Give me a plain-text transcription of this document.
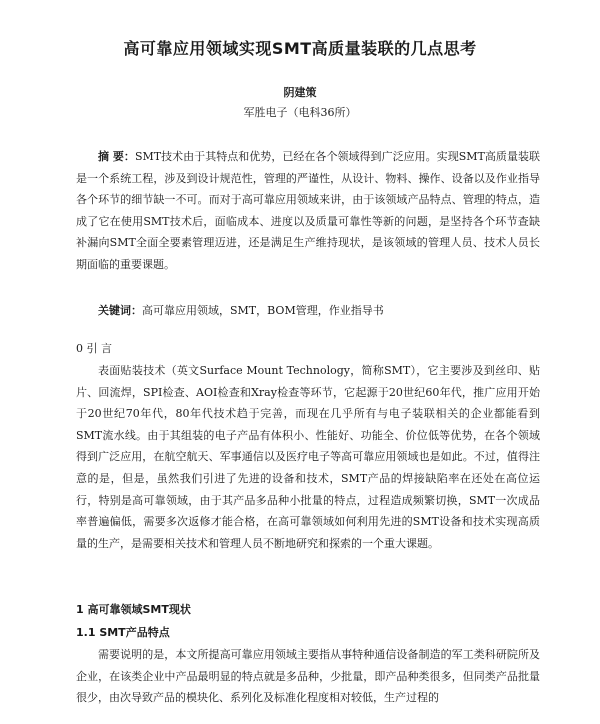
高可靠应用领域实现SMT高质量装联的几点思考
阴建策
军胜电子（电科36所）
摘 要：SMT技术由于其特点和优势，已经在各个领域得到广泛应用。实现SMT高质量装联是一个系统工程，涉及到设计规范性，管理的严谨性，从设计、物料、操作、设备以及作业指导各个环节的细节缺一不可。而对于高可靠应用领域来讲，由于该领域产品特点、管理的特点，造成了它在使用SMT技术后，面临成本、进度以及质量可靠性等新的问题，是坚持各个环节查缺补漏向SMT全面全要素管理迈进，还是满足生产维持现状，是该领域的管理人员、技术人员长期面临的重要课题。
关键词：高可靠应用领域，SMT，BOM管理，作业指导书
0 引 言
表面贴装技术（英文Surface Mount Technology，简称SMT），它主要涉及到丝印、贴片、回流焊，SPI检查、AOI检查和Xray检查等环节，它起源于20世纪60年代，推广应用开始于20世纪70年代，80年代技术趋于完善，而现在几乎所有与电子装联相关的企业都能看到SMT流水线。由于其组装的电子产品有体积小、性能好、功能全、价位低等优势，在各个领域得到广泛应用，在航空航天、军事通信以及医疗电子等高可靠应用领域也是如此。不过，值得注意的是，但是，虽然我们引进了先进的设备和技术，SMT产品的焊接缺陷率在还处在高位运行，特别是高可靠领域，由于其产品多品种小批量的特点，过程造成频繁切换，SMT一次成品率普遍偏低，需要多次返修才能合格，在高可靠领域如何利用先进的SMT设备和技术实现高质量的生产，是需要相关技术和管理人员不断地研究和探索的一个重大课题。
1 高可靠领域SMT现状
1.1 SMT产品特点
需要说明的是，本文所提高可靠应用领域主要指从事特种通信设备制造的军工类科研院所及企业，在该类企业中产品最明显的特点就是多品种，少批量，即产品种类很多，但同类产品批量很少，由次导致产品的模块化、系列化及标准化程度相对较低，生产过程的
